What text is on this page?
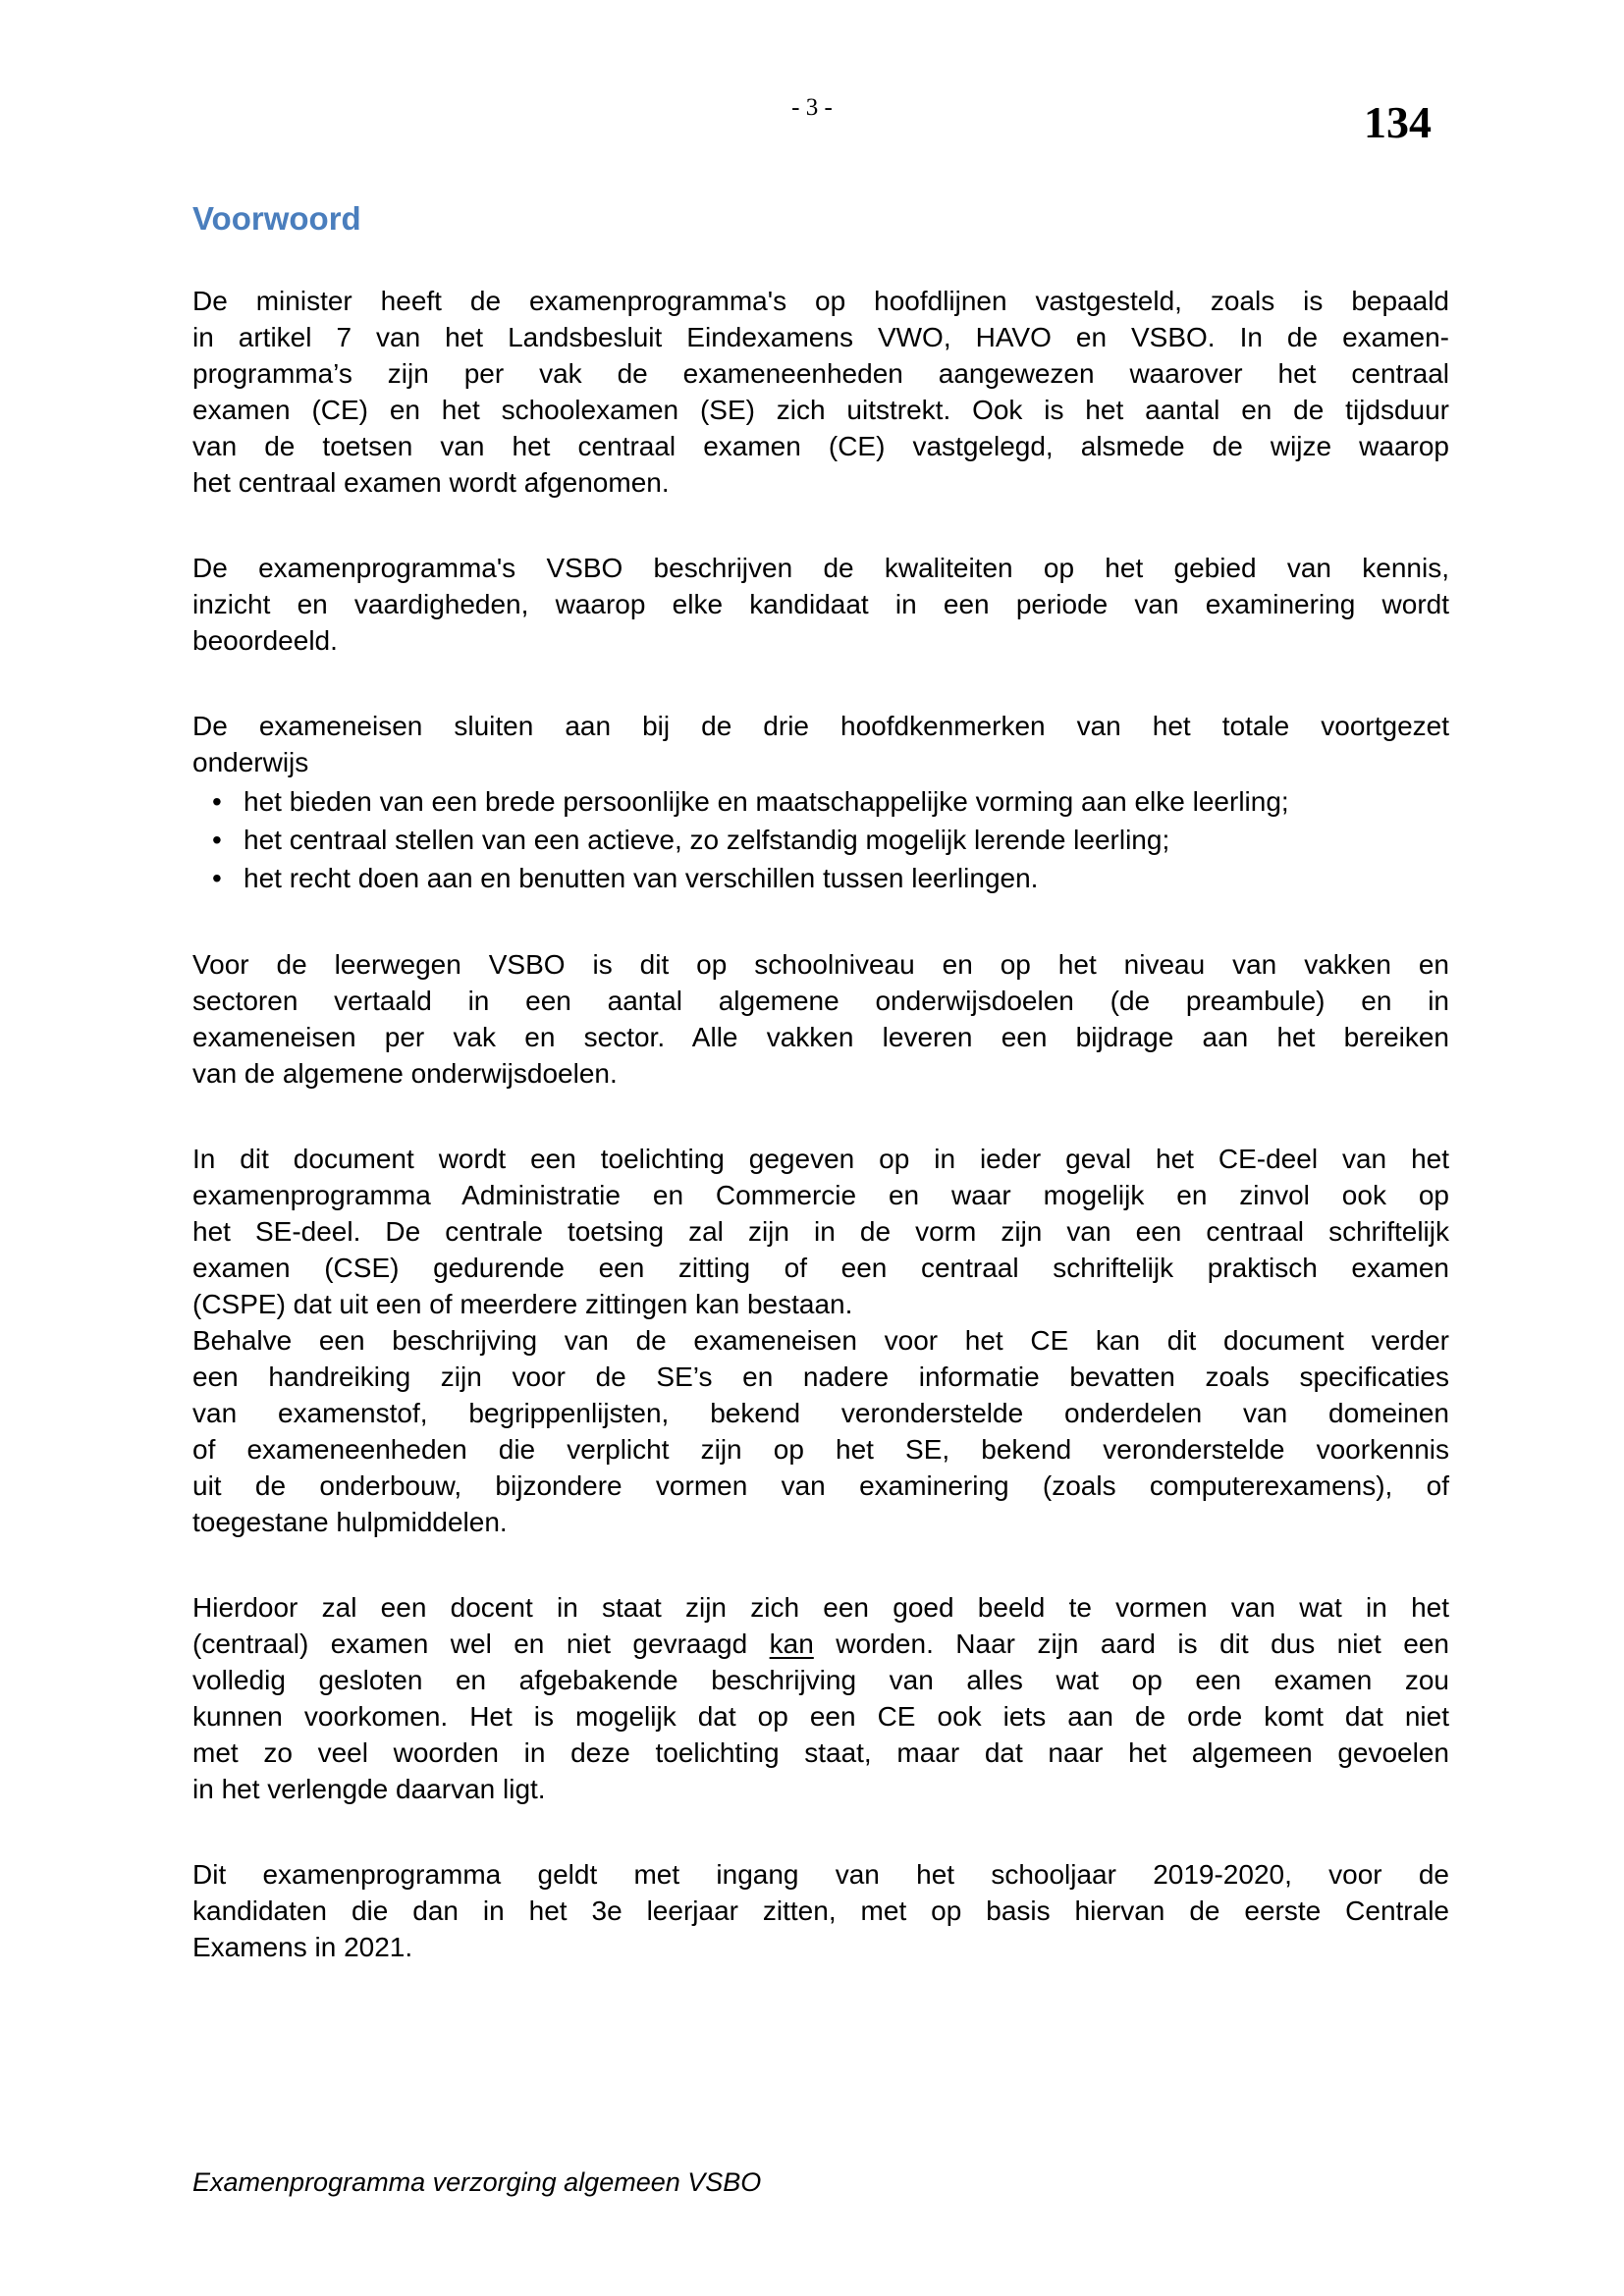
- 3 -	134
Voorwoord
De minister heeft de examenprogramma's op hoofdlijnen vastgesteld, zoals is bepaald
in artikel 7 van het Landsbesluit Eindexamens VWO, HAVO en VSBO. In de examen-
programma’s zijn per vak de exameneenheden aangewezen waarover het centraal
examen (CE) en het schoolexamen (SE) zich uitstrekt. Ook is het aantal en de tijdsduur
van de toetsen van het centraal examen (CE) vastgelegd, alsmede de wijze waarop
het centraal examen wordt afgenomen.
De examenprogramma's VSBO beschrijven de kwaliteiten op het gebied van kennis,
inzicht en vaardigheden, waarop elke kandidaat in een periode van examinering wordt
beoordeeld.
De exameneisen sluiten aan bij de drie hoofdkenmerken van het totale voortgezet
onderwijs
• het bieden van een brede persoonlijke en maatschappelijke vorming aan elke leerling;
• het centraal stellen van een actieve, zo zelfstandig mogelijk lerende leerling;
• het recht doen aan en benutten van verschillen tussen leerlingen.
Voor de leerwegen VSBO is dit op schoolniveau en op het niveau van vakken en
sectoren vertaald in een aantal algemene onderwijsdoelen (de preambule) en in
exameneisen per vak en sector. Alle vakken leveren een bijdrage aan het bereiken
van de algemene onderwijsdoelen.
In dit document wordt een toelichting gegeven op in ieder geval het CE-deel van het
examenprogramma Administratie en Commercie en waar mogelijk en zinvol ook op
het SE-deel. De centrale toetsing zal zijn in de vorm zijn van een centraal schriftelijk
examen (CSE) gedurende een zitting of een centraal schriftelijk praktisch examen
(CSPE) dat uit een of meerdere zittingen kan bestaan.
Behalve een beschrijving van de exameneisen voor het CE kan dit document verder
een handreiking zijn voor de SE’s en nadere informatie bevatten zoals specificaties
van examenstof, begrippenlijsten, bekend veronderstelde onderdelen van domeinen
of exameneenheden die verplicht zijn op het SE, bekend veronderstelde voorkennis
uit de onderbouw, bijzondere vormen van examinering (zoals computerexamens), of
toegestane hulpmiddelen.
Hierdoor zal een docent in staat zijn zich een goed beeld te vormen van wat in het
(centraal) examen wel en niet gevraagd kan worden. Naar zijn aard is dit dus niet een
volledig gesloten en afgebakende beschrijving van alles wat op een examen zou
kunnen voorkomen. Het is mogelijk dat op een CE ook iets aan de orde komt dat niet
met zo veel woorden in deze toelichting staat, maar dat naar het algemeen gevoelen
in het verlengde daarvan ligt.
Dit examenprogramma geldt met ingang van het schooljaar 2019-2020, voor de
kandidaten die dan in het 3e leerjaar zitten, met op basis hiervan de eerste Centrale
Examens in 2021.
Examenprogramma verzorging algemeen VSBO
